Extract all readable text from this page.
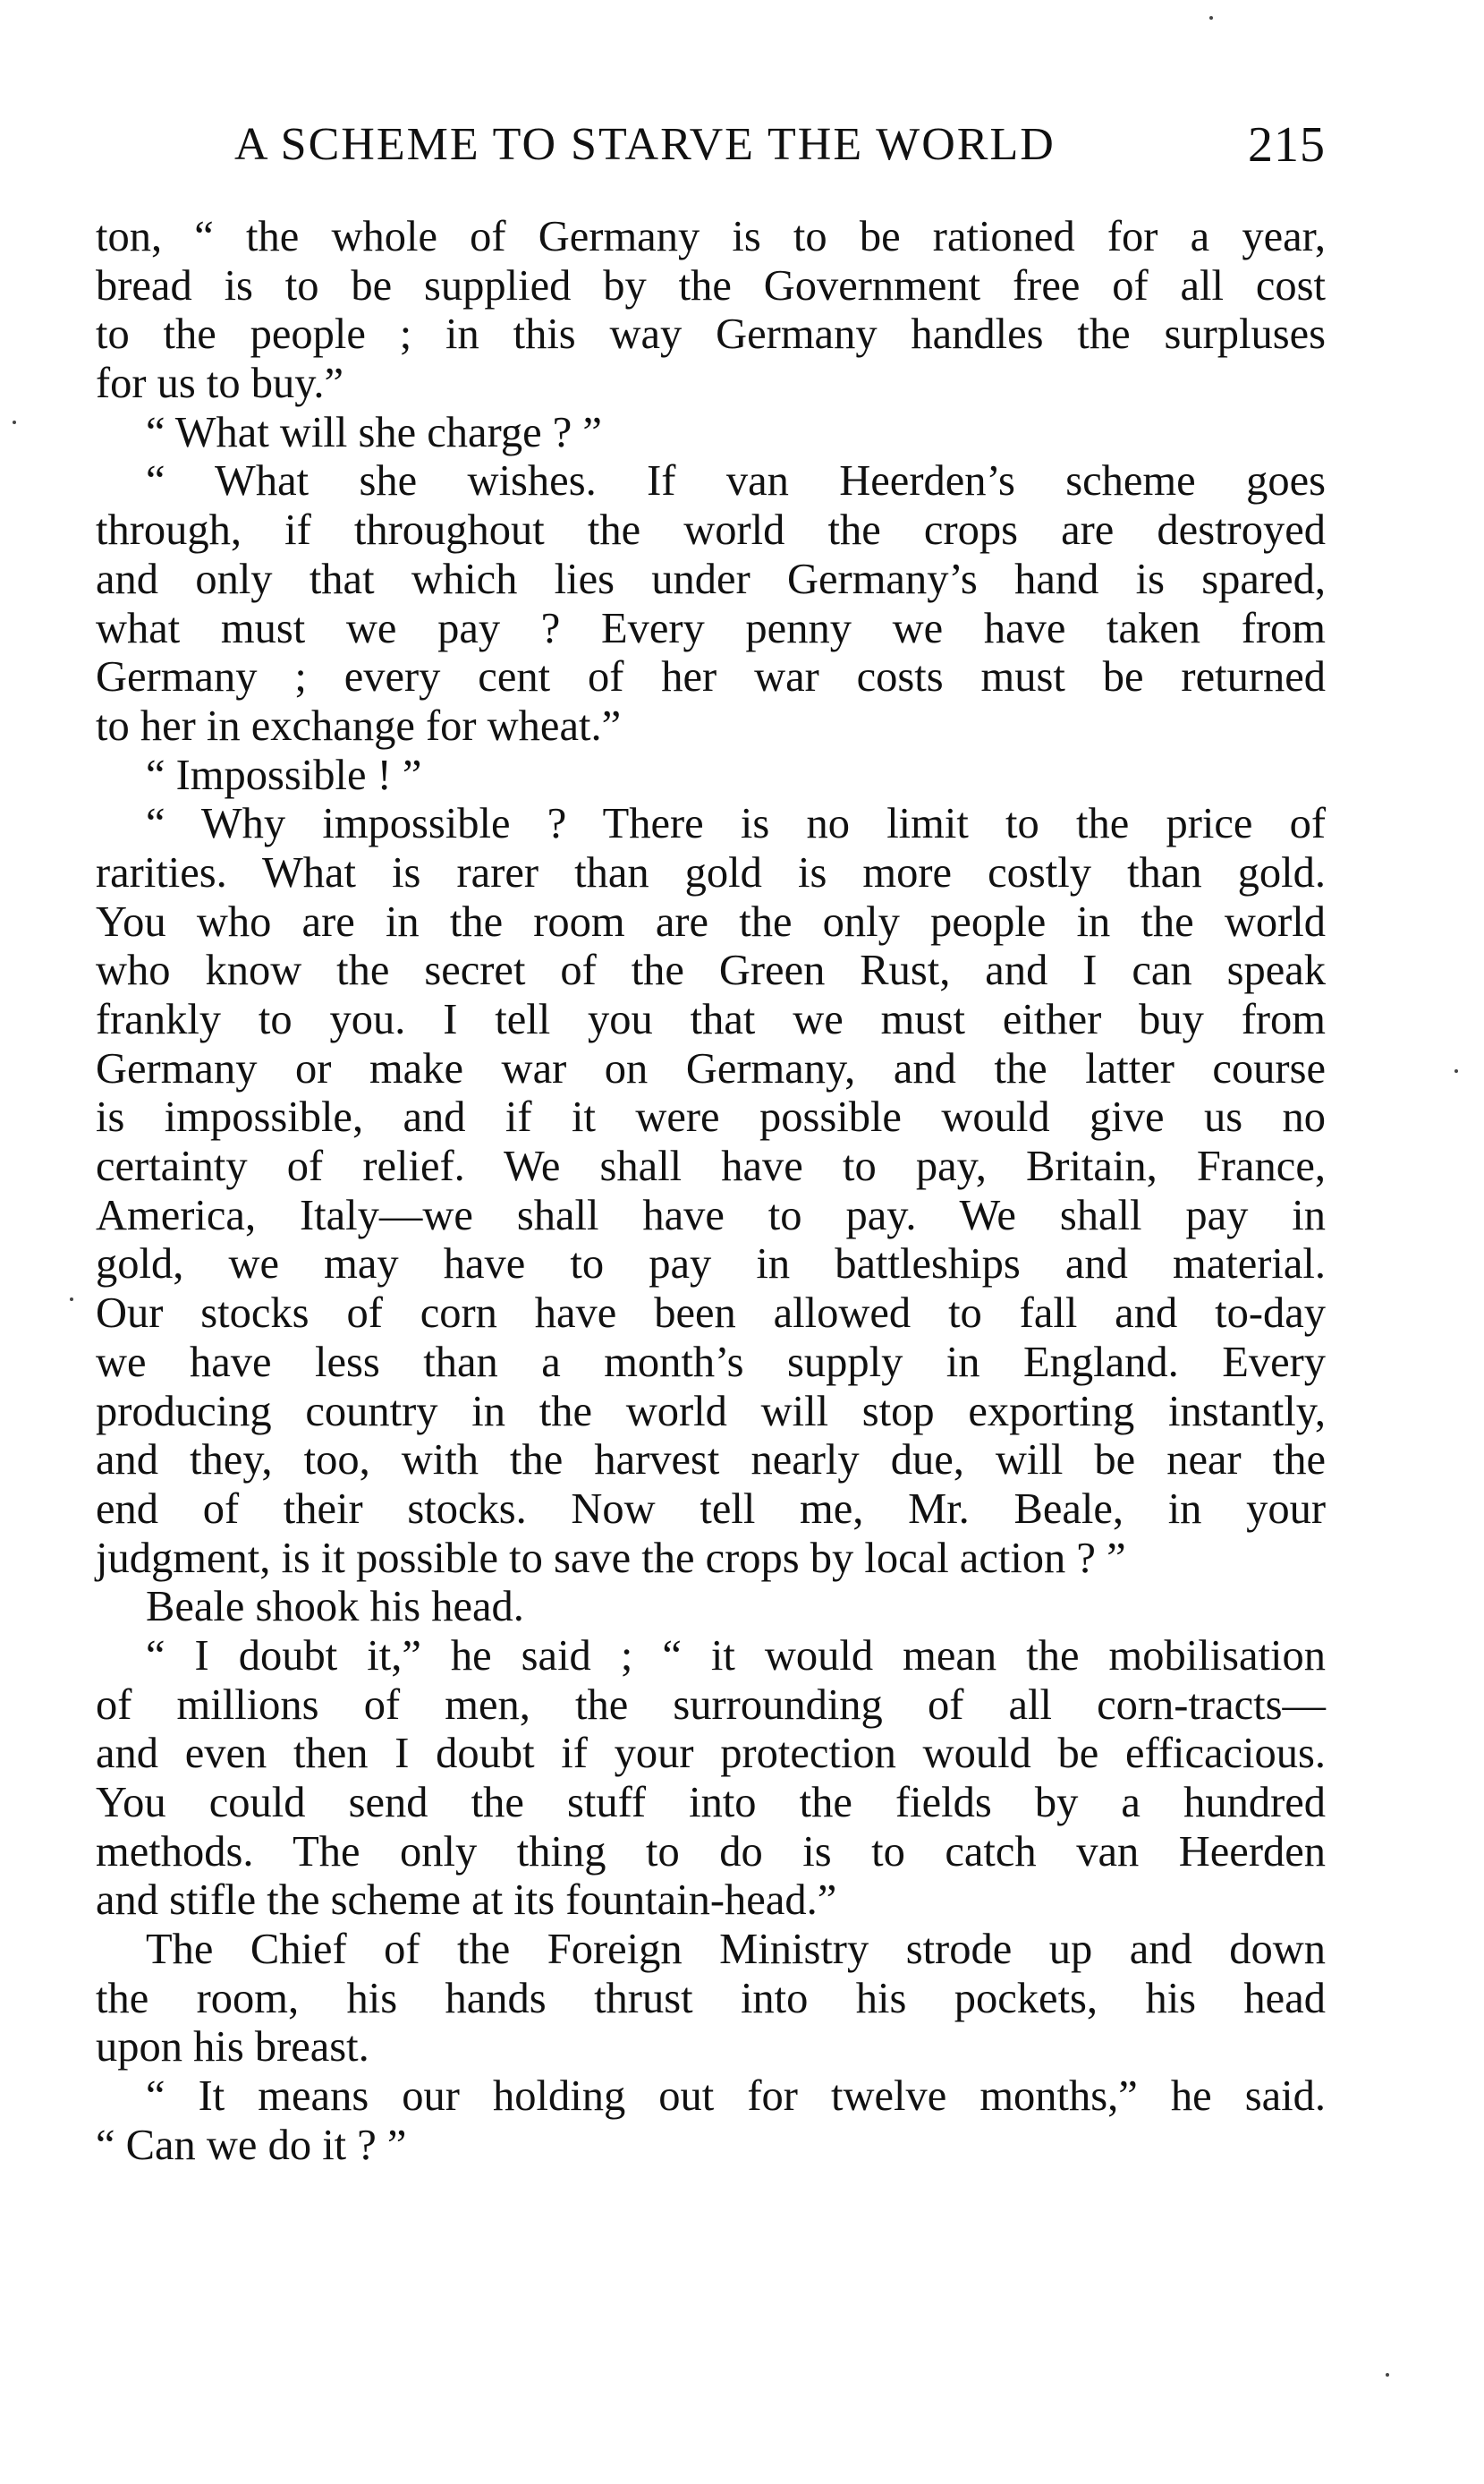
A SCHEME TO STARVE THE WORLD	215
ton, “ the whole of Germany is to be rationed for a year,
bread is to be supplied by the Government free of all cost
to the people ; in this way Germany handles the surpluses
for us to buy.”
“ What will she charge ? ”
“ What she wishes. If van Heerden’s scheme goes
through, if throughout the world the crops are destroyed
and only that which lies under Germany’s hand is spared,
what must we pay ? Every penny we have taken from
Germany ; every cent of her war costs must be returned
to her in exchange for wheat.”
“ Impossible ! ”
“ Why impossible ? There is no limit to the price of
rarities. What is rarer than gold is more costly than gold.
You who are in the room are the only people in the world
who know the secret of the Green Rust, and I can speak
frankly to you. I tell you that we must either buy from
Germany or make war on Germany, and the latter course
is impossible, and if it were possible would give us no
certainty of relief. We shall have to pay, Britain, France,
America, Italy—we shall have to pay. We shall pay in
gold, we may have to pay in battleships and material.
Our stocks of corn have been allowed to fall and to-day
we have less than a month’s supply in England. Every
producing country in the world will stop exporting instantly,
and they, too, with the harvest nearly due, will be near the
end of their stocks. Now tell me, Mr. Beale, in your
judgment, is it possible to save the crops by local action ? ”
Beale shook his head.
“ I doubt it,” he said ; “ it would mean the mobilisation
of millions of men, the surrounding of all corn-tracts—
and even then I doubt if your protection would be efficacious.
You could send the stuff into the fields by a hundred
methods. The only thing to do is to catch van Heerden
and stifle the scheme at its fountain-head.”
The Chief of the Foreign Ministry strode up and down
the room, his hands thrust into his pockets, his head
upon his breast.
“ It means our holding out for twelve months,” he said.
“ Can we do it ? ”
